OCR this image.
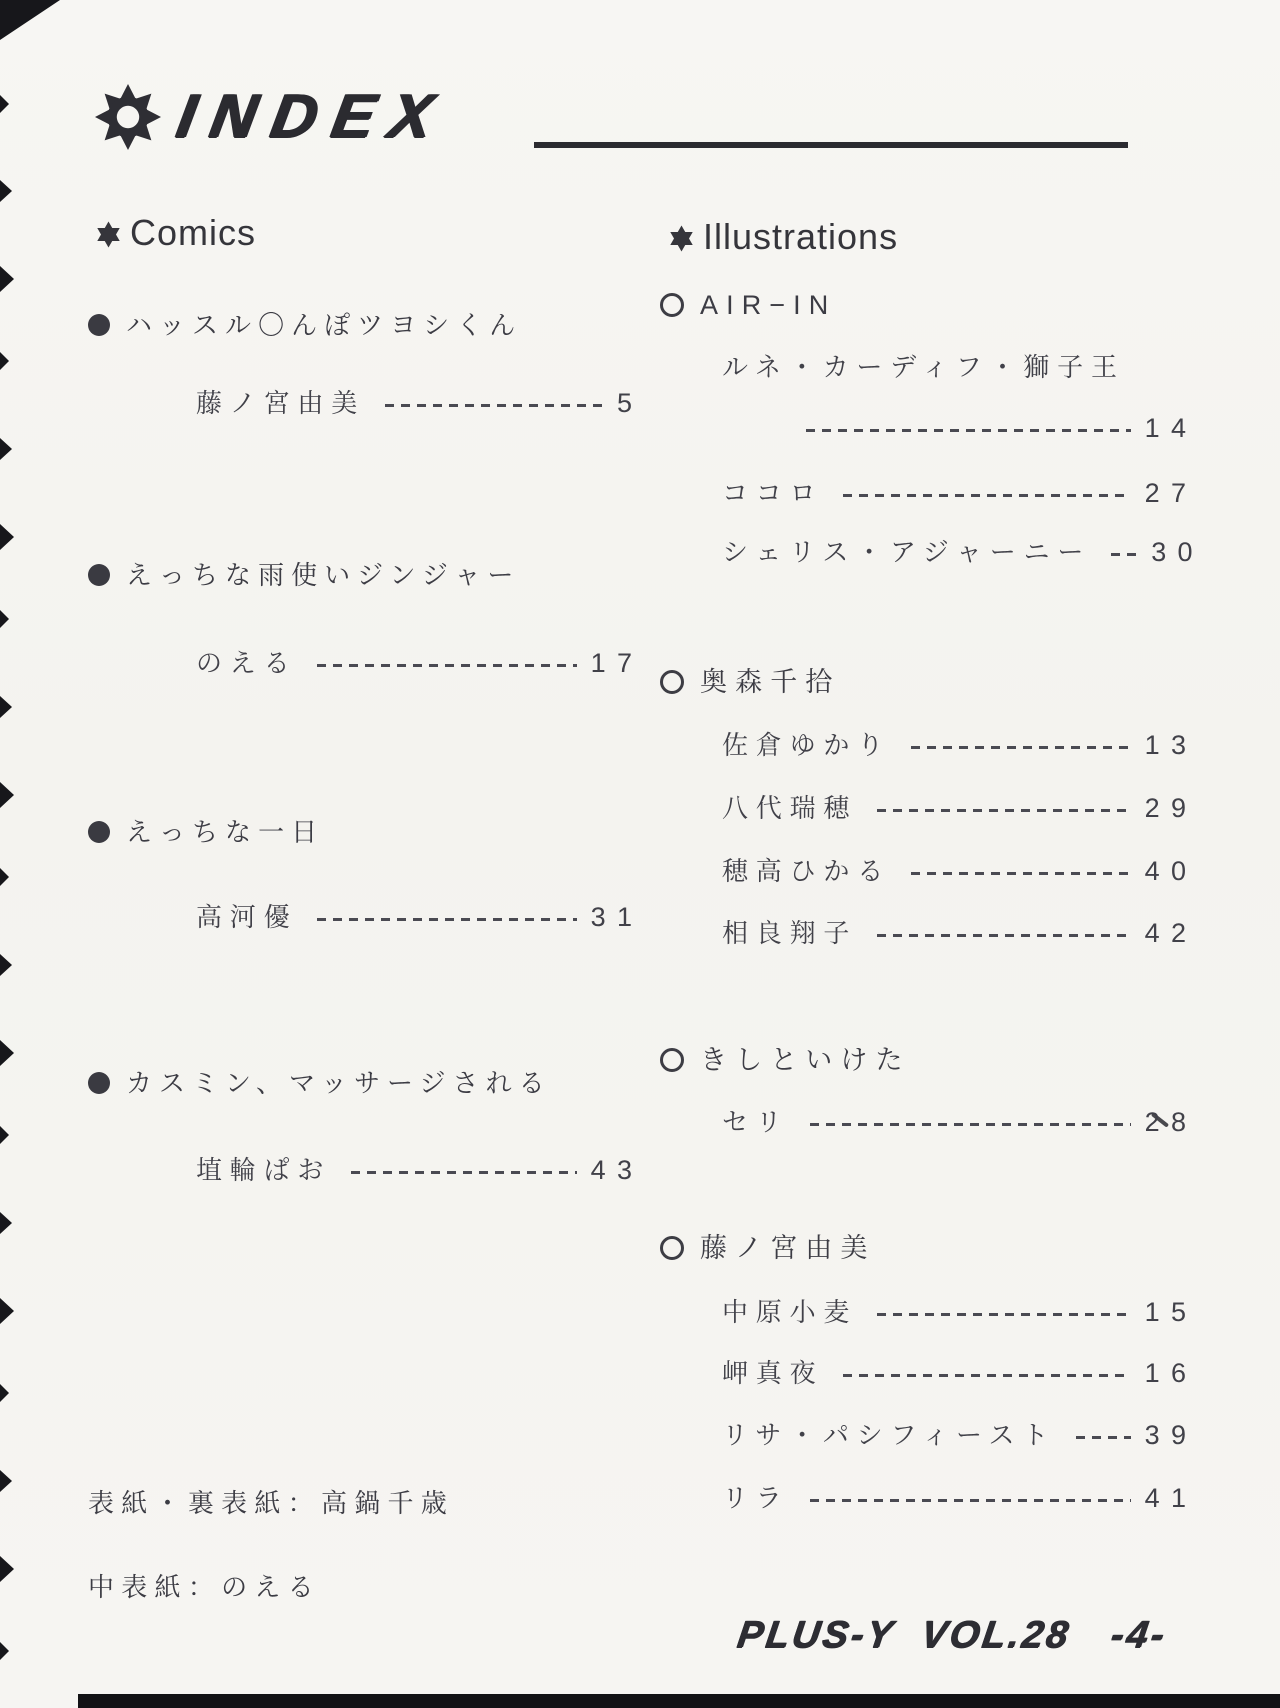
INDEX
Comics
ハッスル〇んぽツヨシくん
藤ノ宮由美	5
えっちな雨使いジンジャー
のえる	17
えっちな一日
高河優	31
カスミン、マッサージされる
埴輪ぱお	43
表紙・裏表紙：高鍋千歳
中表紙：のえる
Illustrations
AIR−IN
ルネ・カーディフ・獅子王
14
ココロ	27
シェリス・アジャーニー 30
奥森千拾
佐倉ゆかり	13
八代瑞穂	29
穂高ひかる	40
相良翔子	42
きしといけた
セリ	28
藤ノ宮由美
中原小麦	15
岬真夜	16
リサ・パシフィースト	39
リラ	41
PLUS-Y  VOL.28   -4-
